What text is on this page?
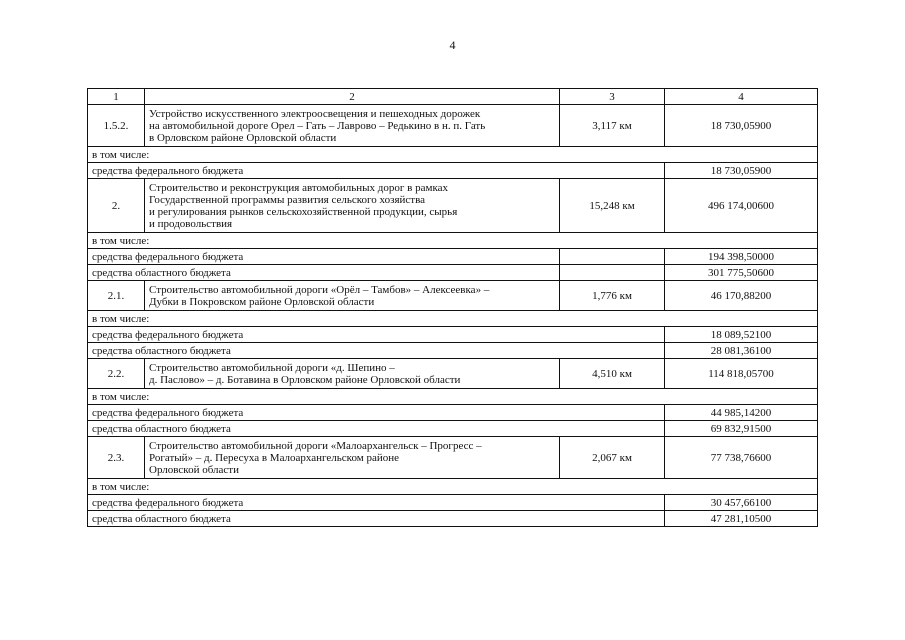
4
1	2	3	4
1.5.2.	Устройство искусственного электроосвещения и пешеходных дорожек
на автомобильной дороге Орел – Гать – Лаврово – Редькино в н. п. Гать
в Орловском районе Орловской области	3,117 км	18 730,05900
в том числе:			
средства федерального бюджета			18 730,05900
2.	Строительство и реконструкция автомобильных дорог в рамках
Государственной программы развития сельского хозяйства
и регулирования рынков сельскохозяйственной продукции, сырья
и продовольствия	15,248 км	496 174,00600
в том числе:			
средства федерального бюджета			194 398,50000
средства областного бюджета			301 775,50600
2.1.	Строительство автомобильной дороги «Орёл – Тамбов» – Алексеевка» –
Дубки в Покровском районе Орловской области	1,776 км	46 170,88200
в том числе:			
средства федерального бюджета			18 089,52100
средства областного бюджета			28 081,36100
2.2.	Строительство автомобильной дороги «д. Шепино –
д. Пaслово» – д. Ботавина в Орловском районе Орловской области	4,510 км	114 818,05700
в том числе:			
средства федерального бюджета			44 985,14200
средства областного бюджета			69 832,91500
2.3.	Строительство автомобильной дороги «Малоархангельск – Прогресс –
Рогатый» – д. Пересуха в Малоархангельском районе
Орловской области	2,067 км	77 738,76600
в том числе:			
средства федерального бюджета			30 457,66100
средства областного бюджета			47 281,10500
